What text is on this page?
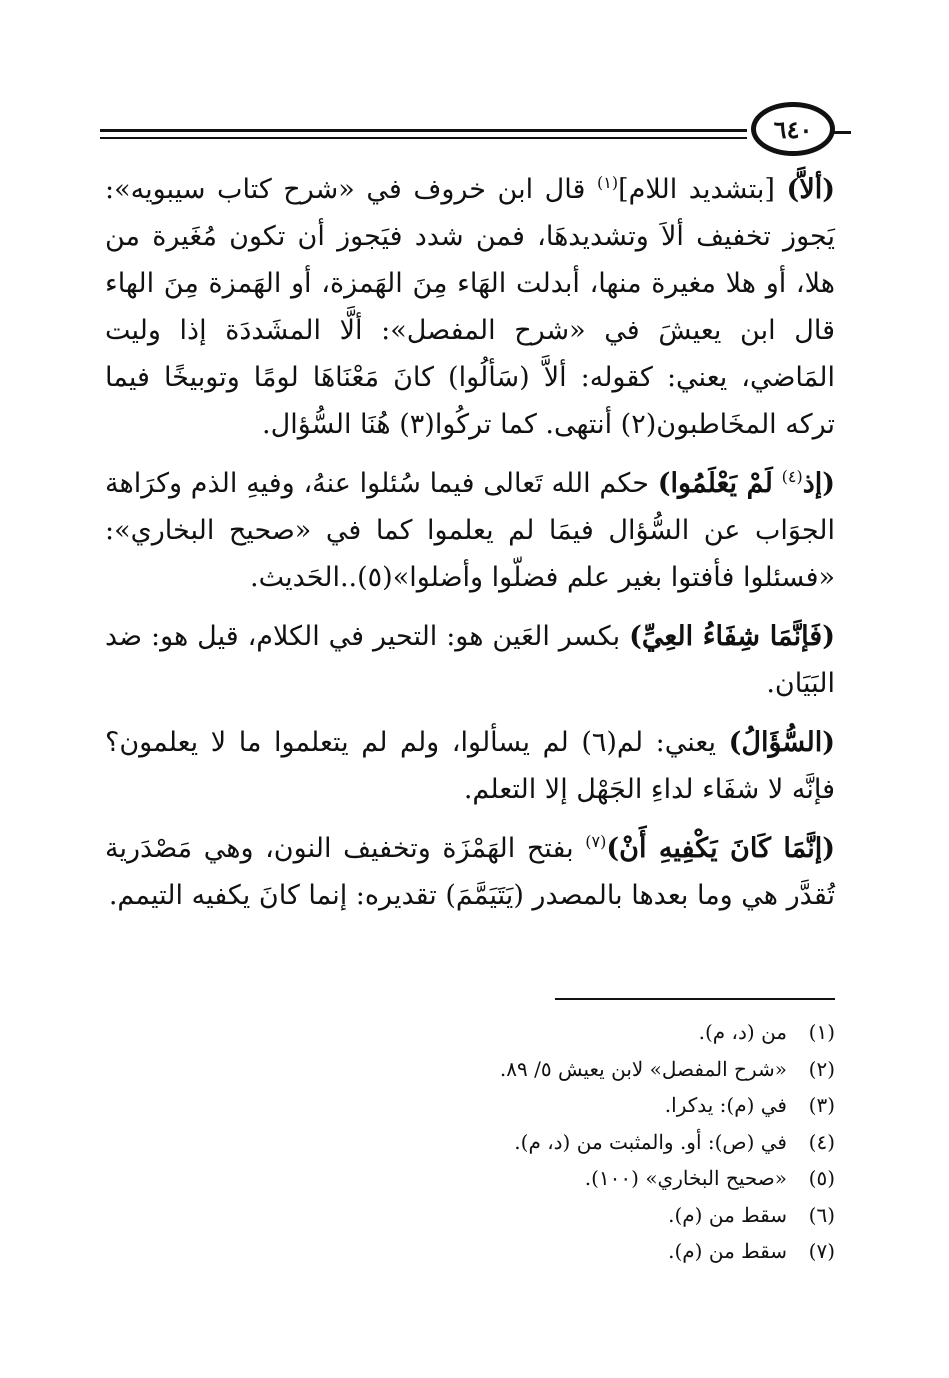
٦٤٠

(ألاَّ) [بتشديد اللام]$^{(١)}$ قال ابن خروف في «شرح كتاب سيبويه»: يَجوز تخفيف ألاَ وتشديدهَا، فمن شدد فيَجوز أن تكون مُغَيرة من هلا، أو هلا مغيرة منها، أبدلت الهَاء مِنَ الهَمزة، أو الهَمزة مِنَ الهاء قال ابن يعيشَ في «شرح المفصل»: ألَّا المشَددَة إذا وليت المَاضي، يعني: كقوله: ألاَّ (سَألُوا) كانَ مَعْنَاهَا لومًا وتوبيخًا فيما تركه المخَاطبون(٢) أنتهى. كما تركُوا(٣) هُنَا السُّؤال.

(إذ$^{(٤)}$ لَمْ يَعْلَمُوا) حكم الله تَعالى فيما سُئلوا عنهُ، وفيهِ الذم وكرَاهة الجوَاب عن السُّؤال فيمَا لم يعلموا كما في «صحيح البخاري»: «فسئلوا فأفتوا بغير علم فضلّوا وأضلوا»(٥)..الحَديث.

(فَإنَّمَا شِفَاءُ العِيِّ) بكسر العَين هو: التحير في الكلام، قيل هو: ضد البَيَان.

(السُّؤَالُ) يعني: لم(٦) لم يسألوا، ولم لم يتعلموا ما لا يعلمون؟ فإنَّه لا شفَاء لداءِ الجَهْل إلا التعلم.

(إنَّمَا كَانَ يَكْفِيهِ أَنْ)$^{(٧)}$ بفتح الهَمْزَة وتخفيف النون، وهي مَصْدَرية تُقدَّر هي وما بعدها بالمصدر (يَتَيَمَّمَ) تقديره: إنما كانَ يكفيه التيمم.

(١)
من (د، م).
(٢)
«شرح المفصل» لابن يعيش ٥/ ٨٩.
(٣)
في (م): يدكرا.
(٤)
في (ص): أو. والمثبت من (د، م).
(٥)
«صحيح البخاري» (١٠٠).
(٦)
سقط من (م).
(٧)
سقط من (م).
